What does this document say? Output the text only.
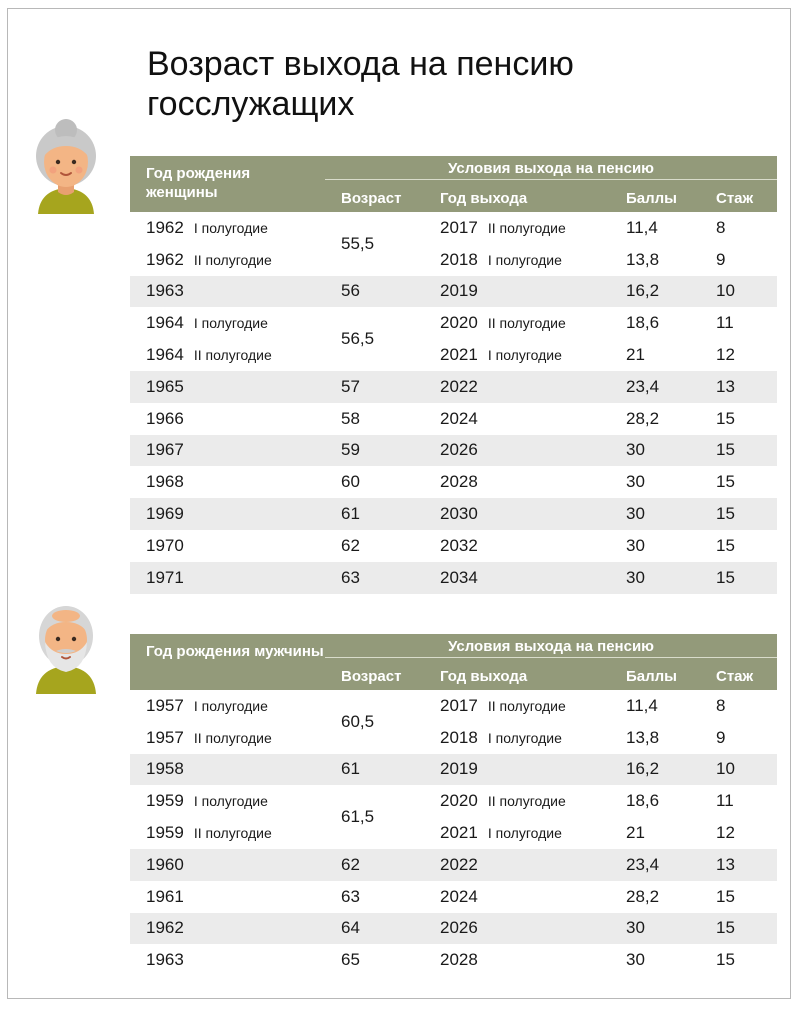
Возраст выхода на пенсию госслужащих
Год рождения женщины	Условия выхода на пенсию			

	Возраст	Год выхода	Баллы	Стаж
1962 I полугодие	55,5	2017 II полугодие	11,4	8
1962 II полугодие		2018 I полугодие	13,8	9
1963	56	2019	16,2	10
1964 I полугодие	56,5	2020 II полугодие	18,6	11
1964 II полугодие		2021 I полугодие	21	12
1965	57	2022	23,4	13
1966	58	2024	28,2	15
1967	59	2026	30	15
1968	60	2028	30	15
1969	61	2030	30	15
1970	62	2032	30	15
1971	63	2034	30	15
Год рождения мужчины	Условия выхода на пенсию			

	Возраст	Год выхода	Баллы	Стаж
1957 I полугодие	60,5	2017 II полугодие	11,4	8
1957 II полугодие		2018 I полугодие	13,8	9
1958	61	2019	16,2	10
1959 I полугодие	61,5	2020 II полугодие	18,6	11
1959 II полугодие		2021 I полугодие	21	12
1960	62	2022	23,4	13
1961	63	2024	28,2	15
1962	64	2026	30	15
1963	65	2028	30	15
